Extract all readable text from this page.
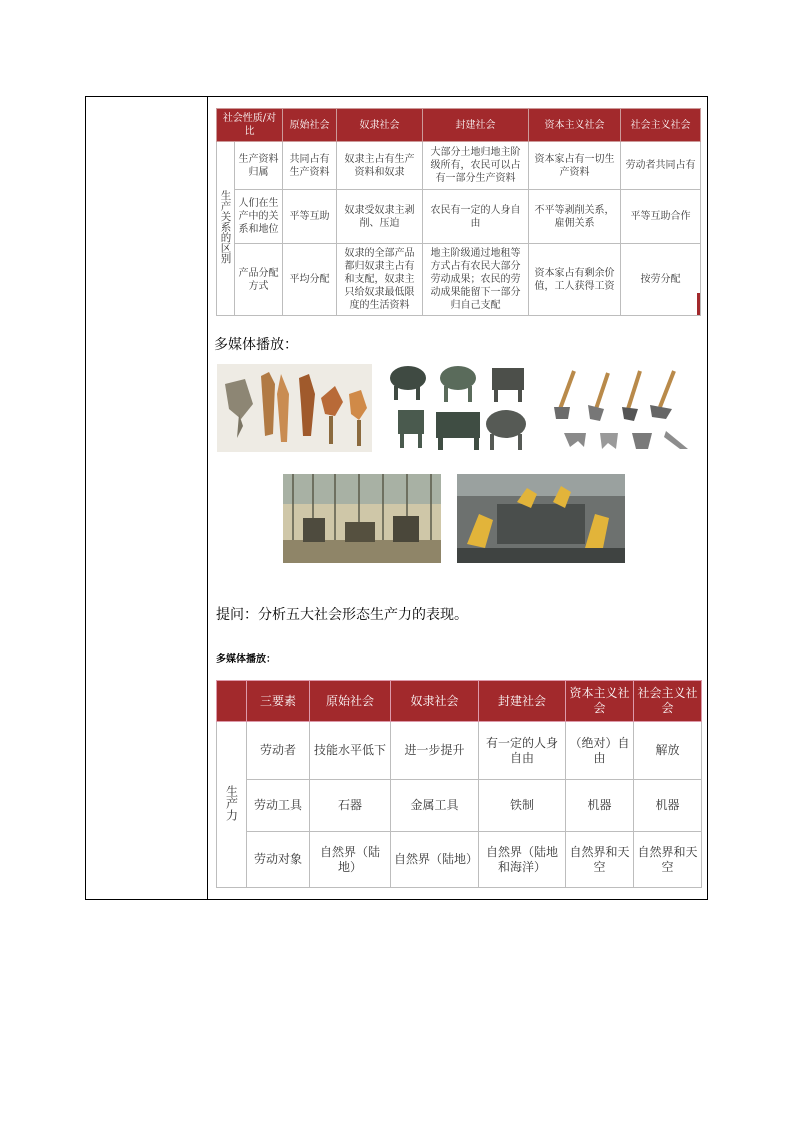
社会性质/对比		原始社会	奴隶社会	封建社会	资本主义社会	社会主义社会
生产关系的区别	生产资料归属	共同占有生产资料	奴隶主占有生产资料和奴隶	大部分土地归地主阶级所有，农民可以占有一部分生产资料	资本家占有一切生产资料	劳动者共同占有
	人们在生产中的关系和地位	平等互助	奴隶受奴隶主剥削、压迫	农民有一定的人身自由	不平等剥削关系，雇佣关系	平等互助合作
	产品分配方式	平均分配	奴隶的全部产品都归奴隶主占有和支配，奴隶主只给奴隶最低限度的生活资料	地主阶级通过地租等方式占有农民大部分劳动成果；农民的劳动成果能留下一部分归自己支配	资本家占有剩余价值，工人获得工资	按劳分配
多媒体播放：
提问：分析五大社会形态生产力的表现。
多媒体播放：
	三要素	原始社会	奴隶社会	封建社会	资本主义社会	社会主义社会
生产力	劳动者	技能水平低下	进一步提升	有一定的人身自由	（绝对）自由	解放
	劳动工具	石器	金属工具	铁制	机器	机器
	劳动对象	自然界（陆地）	自然界（陆地）	自然界（陆地和海洋）	自然界和天空	自然界和天空
